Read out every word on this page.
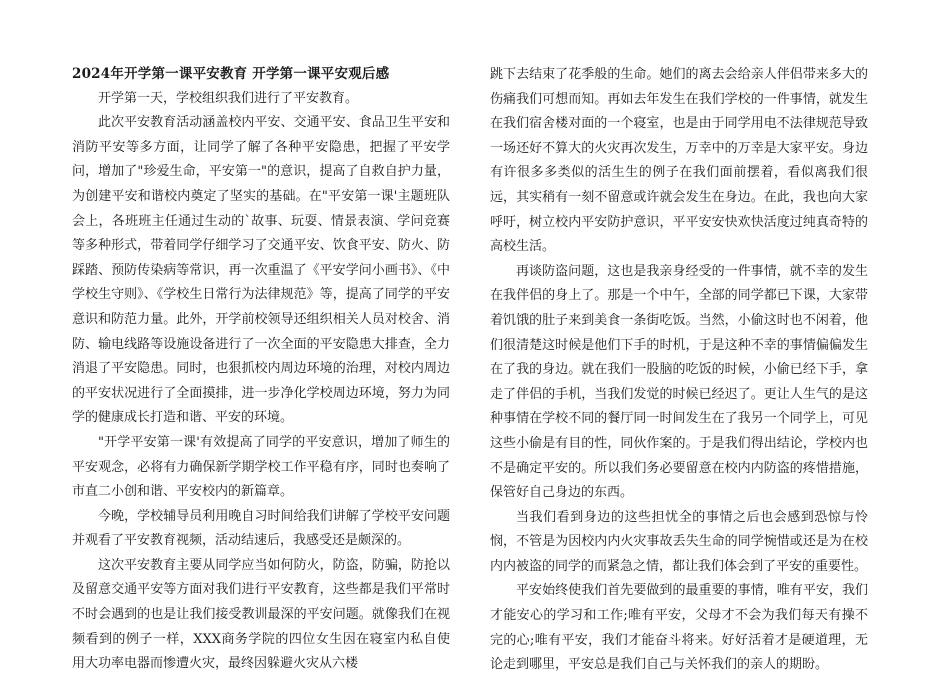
2024年开学第一课平安教育 开学第一课平安观后感

开学第一天，学校组织我们进行了平安教育。

此次平安教育活动涵盖校内平安、交通平安、食品卫生平安和消防平安等多方面，让同学了解了各种平安隐患，把握了平安学问，增加了"珍爱生命，平安第一"的意识，提高了自救自护力量，为创建平安和谐校内奠定了坚实的基础。在"平安第一课'主题班队会上，各班班主任通过生动的`故事、玩耍、情景表演、学问竞赛等多种形式，带着同学仔细学习了交通平安、饮食平安、防火、防踩踏、预防传染病等常识，再一次重温了《平安学问小画书》、《中学校生守则》、《学校生日常行为法律规范》等，提高了同学的平安意识和防范力量。此外，开学前校领导还组织相关人员对校舍、消防、输电线路等设施设备进行了一次全面的平安隐患大排查，全力消退了平安隐患。同时，也狠抓校内周边环境的治理，对校内周边的平安状况进行了全面摸排，进一步净化学校周边环境，努力为同学的健康成长打造和谐、平安的环境。

"开学平安第一课'有效提高了同学的平安意识，增加了师生的平安观念，必将有力确保新学期学校工作平稳有序，同时也奏响了市直二小创和谐、平安校内的新篇章。

今晚，学校辅导员利用晚自习时间给我们讲解了学校平安问题并观看了平安教育视频，活动结速后，我感受还是颇深的。

这次平安教育主要从同学应当如何防火，防盗，防骗，防抢以及留意交通平安等方面对我们进行平安教育，这些都是我们平常时不时会遇到的也是让我们接受教训最深的平安问题。就像我们在视频看到的例子一样，XXX商务学院的四位女生因在寝室内私自使用大功率电器而惨遭火灾，最终因躲避火灾从六楼

跳下去结束了花季般的生命。她们的离去会给亲人伴侣带来多大的伤痛我们可想而知。再如去年发生在我们学校的一件事情，就发生在我们宿舍楼对面的一个寝室，也是由于同学用电不法律规范导致一场还好不算大的火灾再次发生，万幸中的万幸是大家平安。身边有许很多多类似的活生生的例子在我们面前摆着，看似离我们很远，其实稍有一刻不留意或许就会发生在身边。在此，我也向大家呼吁，树立校内平安防护意识，平平安安快欢快活度过纯真奇特的高校生活。

再谈防盗问题，这也是我亲身经受的一件事情，就不幸的发生在我伴侣的身上了。那是一个中午，全部的同学都已下课，大家带着饥饿的肚子来到美食一条街吃饭。当然，小偷这时也不闲着，他们很清楚这时候是他们下手的时机，于是这种不幸的事情偏偏发生在了我的身边。就在我们一股脑的吃饭的时候，小偷已经下手，拿走了伴侣的手机，当我们发觉的时候已经迟了。更让人生气的是这种事情在学校不同的餐厅同一时间发生在了我另一个同学上，可见这些小偷是有目的性，同伙作案的。于是我们得出结论，学校内也不是确定平安的。所以我们务必要留意在校内内防盗的疼惜措施，保管好自己身边的东西。

当我们看到身边的这些担忧全的事情之后也会感到恐惊与怜悯，不管是为因校内内火灾事故丢失生命的同学惋惜或还是为在校内内被盗的同学的而紧急之情，都让我们体会到了平安的重要性。

平安始终使我们首先要做到的最重要的事情，唯有平安，我们才能安心的学习和工作;唯有平安，父母才不会为我们每天有操不完的心;唯有平安，我们才能奋斗将来。好好活着才是硬道理，无论走到哪里，平安总是我们自己与关怀我们的亲人的期盼。
